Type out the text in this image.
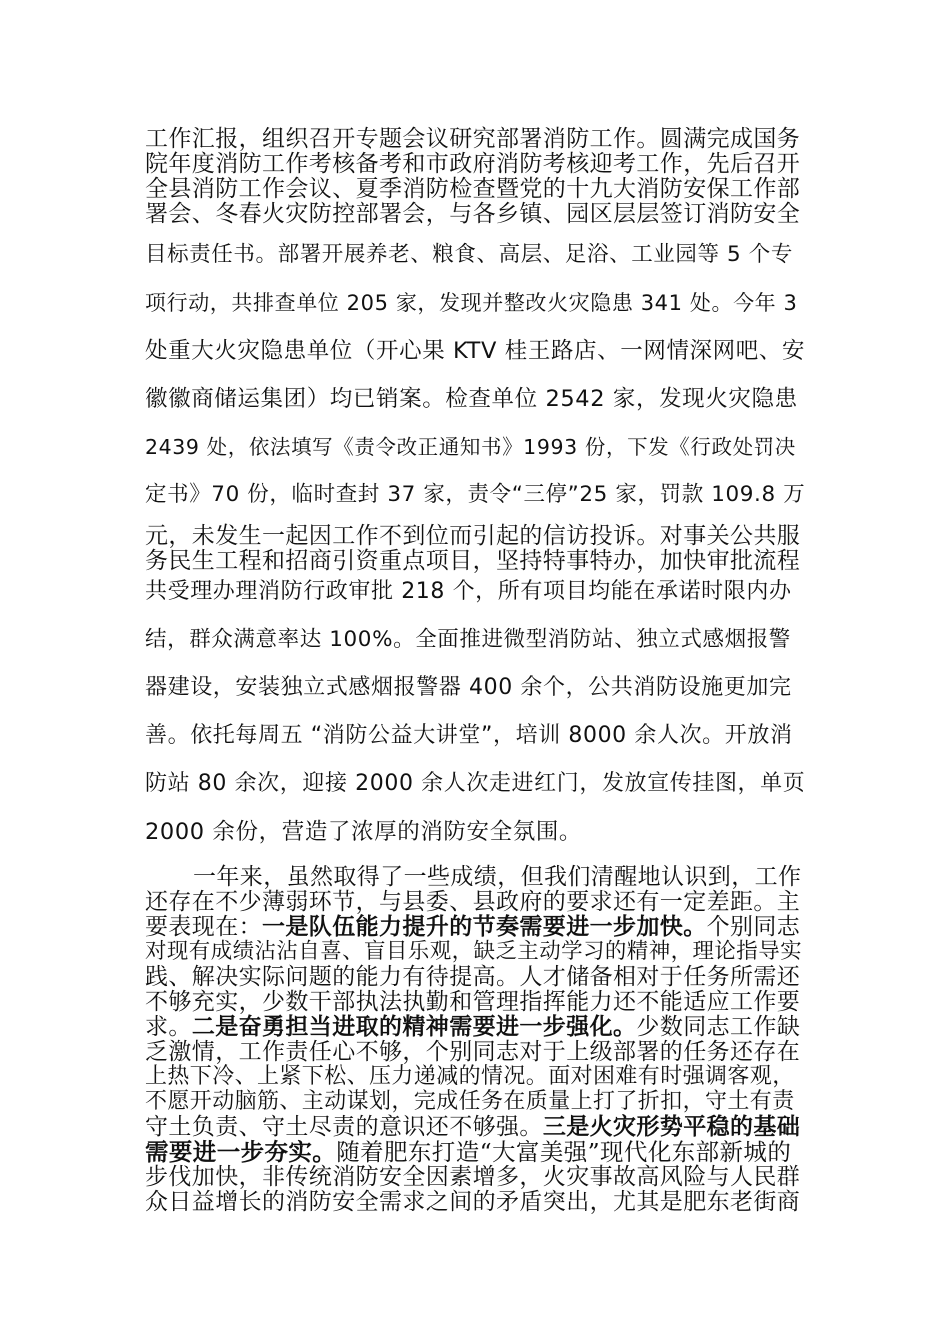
工作汇报，组织召开专题会议研究部署消防工作。圆满完成国务
院年度消防工作考核备考和市政府消防考核迎考工作，先后召开
全县消防工作会议、夏季消防检查暨党的十九大消防安保工作部
署会、冬春火灾防控部署会，与各乡镇、园区层层签订消防安全
目标责任书。部署开展养老、粮食、高层、足浴、工业园等 5 个专
项行动，共排查单位 205 家，发现并整改火灾隐患 341 处。今年 3
处重大火灾隐患单位（开心果 KTV 桂王路店、一网情深网吧、安
徽徽商储运集团）均已销案。检查单位 2542 家，发现火灾隐患
2439 处，依法填写《责令改正通知书》1993 份，下发《行政处罚决
定书》70 份，临时查封 37 家，责令“三停”25 家，罚款 109.8 万
元，未发生一起因工作不到位而引起的信访投诉。对事关公共服
务民生工程和招商引资重点项目，坚持特事特办，加快审批流程
共受理办理消防行政审批 218 个，所有项目均能在承诺时限内办
结，群众满意率达 100%。全面推进微型消防站、独立式感烟报警
器建设，安装独立式感烟报警器 400 余个，公共消防设施更加完
善。依托每周五 “消防公益大讲堂”，培训 8000 余人次。开放消
防站 80 余次，迎接 2000 余人次走进红门，发放宣传挂图，单页
2000 余份，营造了浓厚的消防安全氛围。
一年来，虽然取得了一些成绩，但我们清醒地认识到，工作
还存在不少薄弱环节，与县委、县政府的要求还有一定差距。主
要表现在：一是队伍能力提升的节奏需要进一步加快。个别同志
对现有成绩沾沾自喜、盲目乐观，缺乏主动学习的精神，理论指导实
践、解决实际问题的能力有待提高。人才储备相对于任务所需还
不够充实，少数干部执法执勤和管理指挥能力还不能适应工作要
求。二是奋勇担当进取的精神需要进一步强化。少数同志工作缺
乏激情，工作责任心不够，个别同志对于上级部署的任务还存在
上热下冷、上紧下松、压力递减的情况。面对困难有时强调客观，
不愿开动脑筋、主动谋划，完成任务在质量上打了折扣，守土有责
守土负责、守土尽责的意识还不够强。三是火灾形势平稳的基础
需要进一步夯实。随着肥东打造“大富美强”现代化东部新城的
步伐加快，非传统消防安全因素增多，火灾事故高风险与人民群
众日益增长的消防安全需求之间的矛盾突出，尤其是肥东老街商
